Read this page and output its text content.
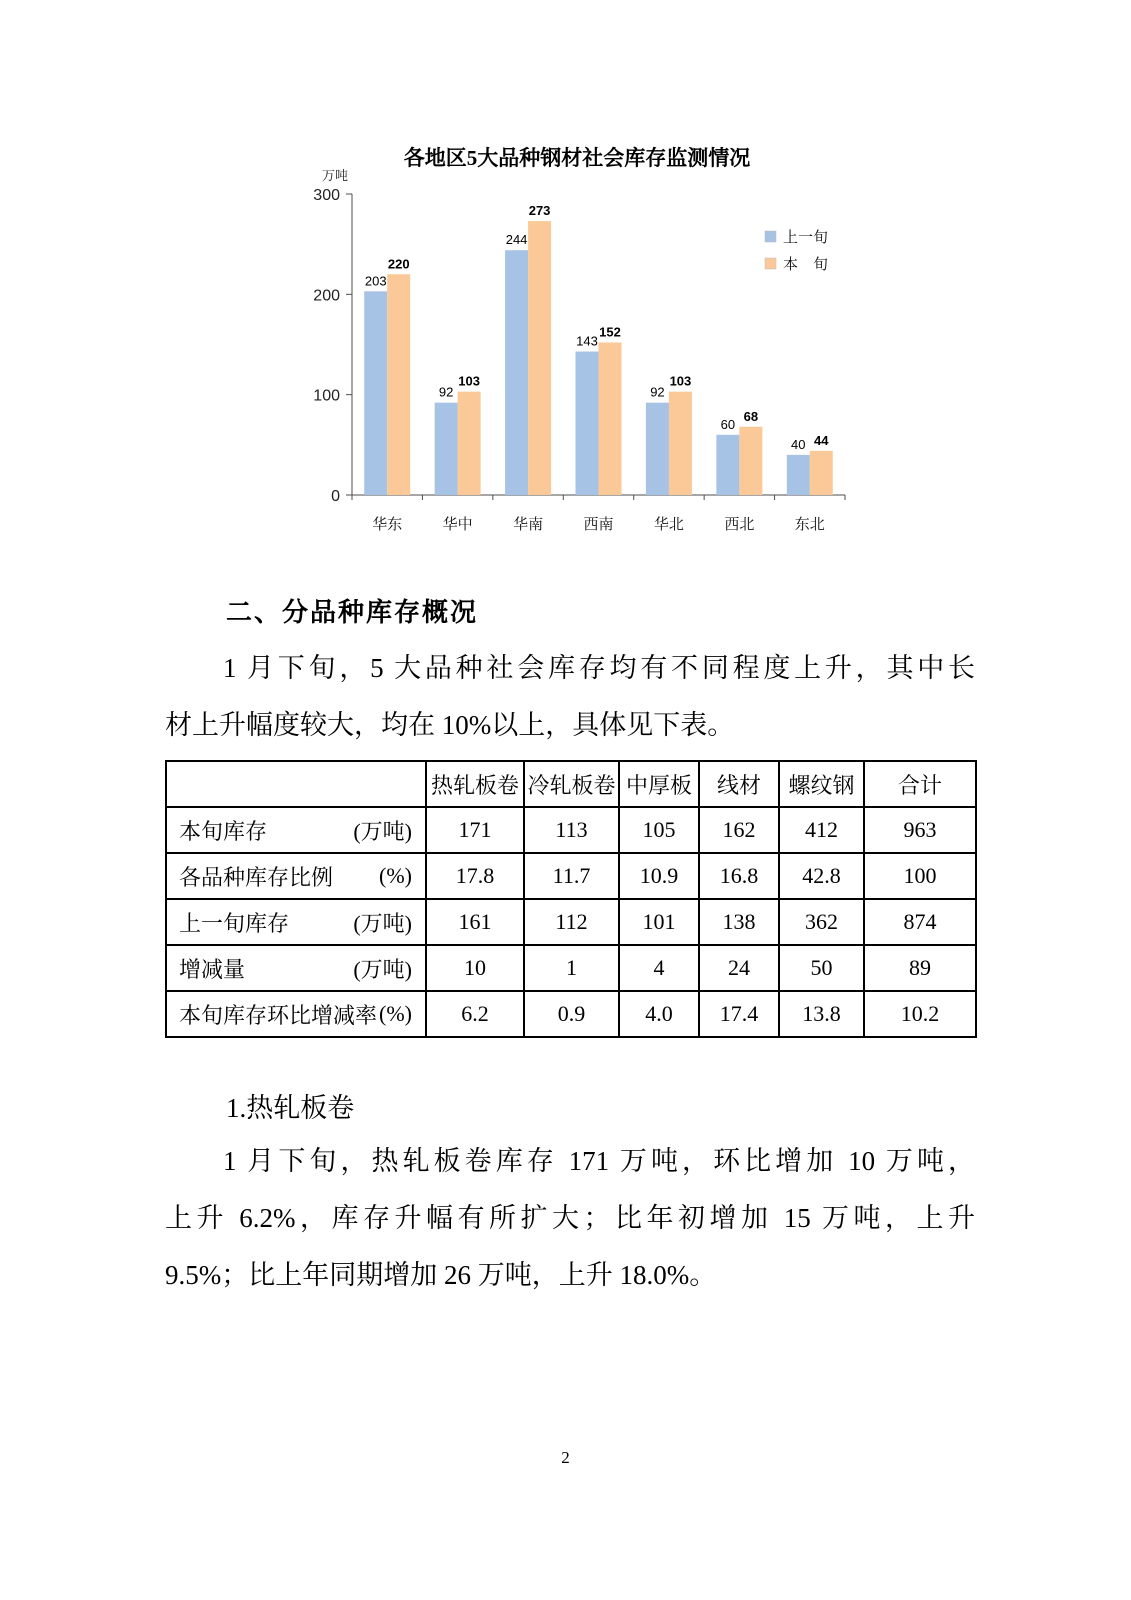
各地区5大品种钢材社会库存监测情况
万吨
0
100
200
300
华东
203
220
华中
92
103
华南
244
273
西南
143
152
华北
92
103
西北
60
68
东北
40 44
上一旬
本　旬
二、分品种库存概况
1 月下旬，5 大品种社会库存均有不同程度上升，其中长
材上升幅度较大，均在 10%以上，具体见下表。
	热轧板卷	冷轧板卷	中厚板	线材	螺纹钢	合计

本旬库存 (万吨)	171	113	105	162	412	963

各品种库存比例 (%)	17.8	11.7	10.9	16.8	42.8	100

上一旬库存 (万吨)	161	112	101	138	362	874

增减量 (万吨)	10	1	4	24	50	89

本旬库存环比增减率 (%)	6.2	0.9	4.0	17.4	13.8	10.2
1.热轧板卷
1 月下旬，热轧板卷库存 171 万吨，环比增加 10 万吨，
上升 6.2%，库存升幅有所扩大；比年初增加 15 万吨，上升
9.5%；比上年同期增加 26 万吨，上升 18.0%。
2
